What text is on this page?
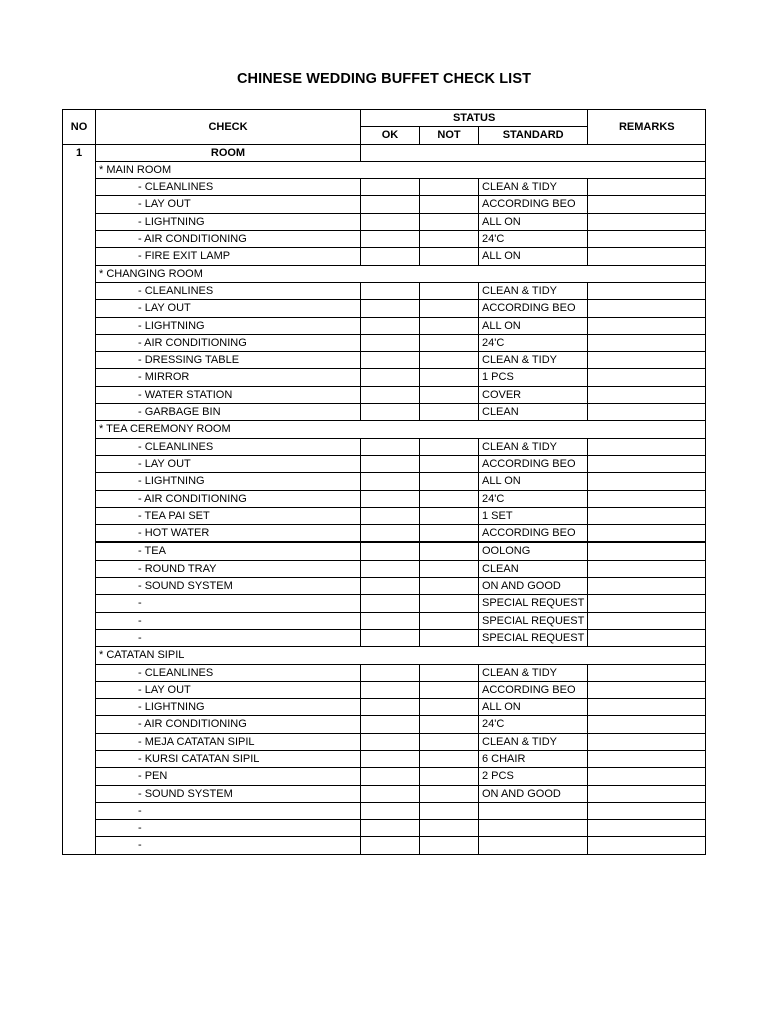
CHINESE WEDDING BUFFET CHECK LIST
NO	CHECK	STATUS			REMARKS
		OK	NOT	STANDARD	
1	ROOM				
	* MAIN ROOM				
	- CLEANLINES			CLEAN & TIDY	
	- LAY OUT			ACCORDING BEO	
	- LIGHTNING			ALL ON	
	- AIR CONDITIONING			24'C	
	- FIRE EXIT LAMP			ALL ON	
	* CHANGING ROOM				
	- CLEANLINES			CLEAN & TIDY	
	- LAY OUT			ACCORDING BEO	
	- LIGHTNING			ALL ON	
	- AIR CONDITIONING			24'C	
	- DRESSING TABLE			CLEAN & TIDY	
	- MIRROR			1 PCS	
	- WATER STATION			COVER	
	- GARBAGE BIN			CLEAN	
	* TEA CEREMONY ROOM				
	- CLEANLINES			CLEAN & TIDY	
	- LAY OUT			ACCORDING BEO	
	- LIGHTNING			ALL ON	
	- AIR CONDITIONING			24'C	
	- TEA PAI SET			1 SET	
	- HOT WATER			ACCORDING BEO	
	- TEA			OOLONG	
	- ROUND TRAY			CLEAN	
	- SOUND SYSTEM			ON AND GOOD	
	-			SPECIAL REQUEST	
	-			SPECIAL REQUEST	
	-			SPECIAL REQUEST	
	* CATATAN SIPIL				
	- CLEANLINES			CLEAN & TIDY	
	- LAY OUT			ACCORDING BEO	
	- LIGHTNING			ALL ON	
	- AIR CONDITIONING			24'C	
	- MEJA CATATAN SIPIL			CLEAN & TIDY	
	- KURSI CATATAN SIPIL			6 CHAIR	
	- PEN			2 PCS	
	- SOUND SYSTEM			ON AND GOOD	
	-				
	-				
	-				
